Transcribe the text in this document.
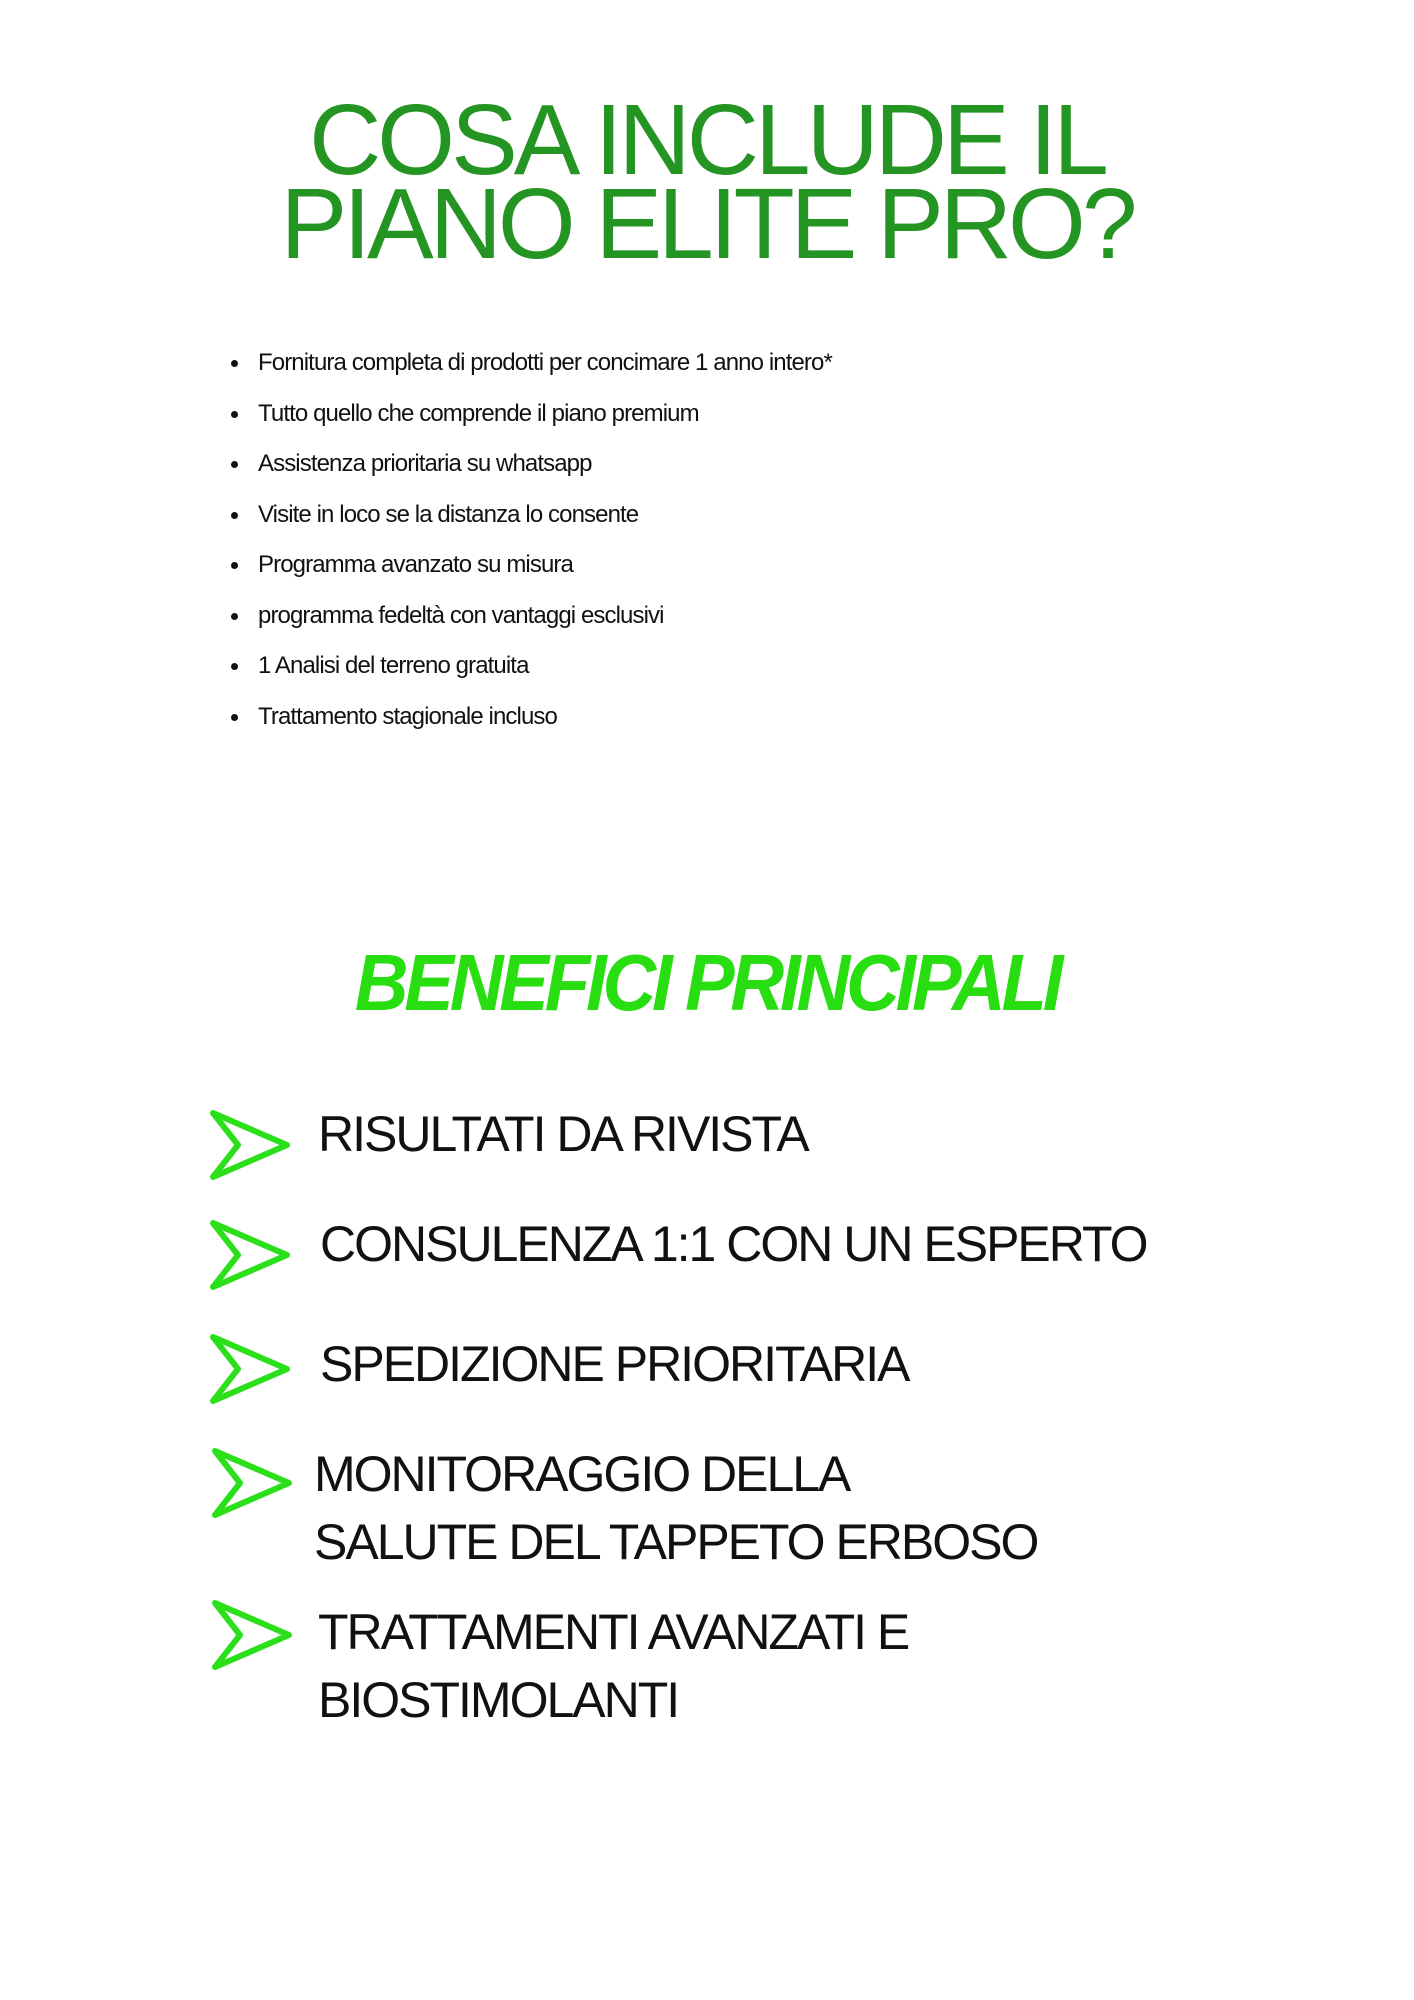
COSA INCLUDE IL
PIANO ELITE PRO?
Fornitura completa di prodotti per concimare 1 anno intero*
Tutto quello che comprende il piano premium
Assistenza prioritaria su whatsapp
Visite in loco se la distanza lo consente
Programma avanzato su misura
programma fedeltà con vantaggi esclusivi
1 Analisi del terreno gratuita
Trattamento stagionale incluso
BENEFICI PRINCIPALI

RISULTATI DA RIVISTA

CONSULENZA 1:1 CON UN ESPERTO

SPEDIZIONE PRIORITARIA

MONITORAGGIO DELLA
SALUTE DEL TAPPETO ERBOSO

TRATTAMENTI AVANZATI E
BIOSTIMOLANTI
